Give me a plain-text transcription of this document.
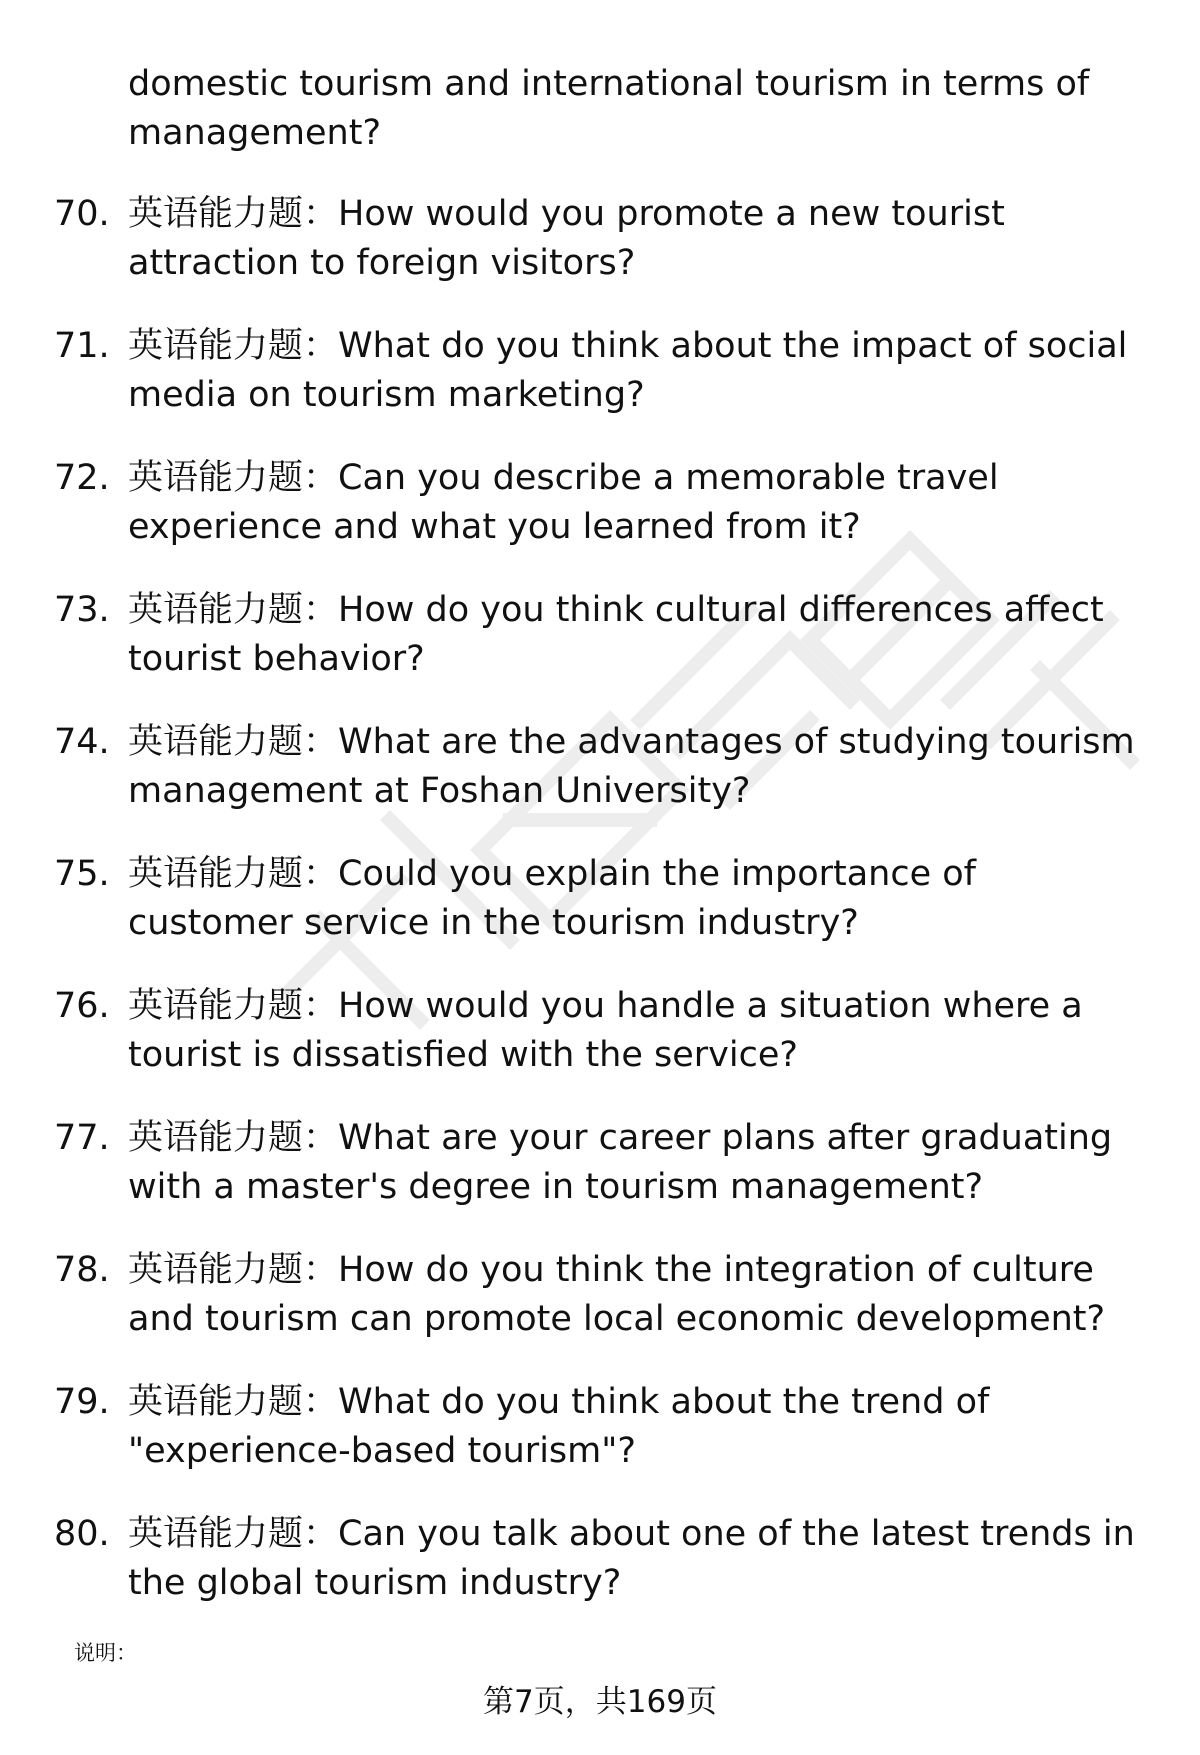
domestic tourism and international tourism in terms of management?

70. 英语能力题：How would you promote a new tourist attraction to foreign visitors?
71. 英语能力题：What do you think about the impact of social media on tourism marketing?
72. 英语能力题：Can you describe a memorable travel experience and what you learned from it?
73. 英语能力题：How do you think cultural differences affect tourist behavior?
74. 英语能力题：What are the advantages of studying tourism management at Foshan University?
75. 英语能力题：Could you explain the importance of customer service in the tourism industry?
76. 英语能力题：How would you handle a situation where a tourist is dissatisfied with the service?
77. 英语能力题：What are your career plans after graduating with a master's degree in tourism management?
78. 英语能力题：How do you think the integration of culture and tourism can promote local economic development?
79. 英语能力题：What do you think about the trend of "experience-based tourism"?
80. 英语能力题：Can you talk about one of the latest trends in the global tourism industry?
说明：
第7页，共169页
